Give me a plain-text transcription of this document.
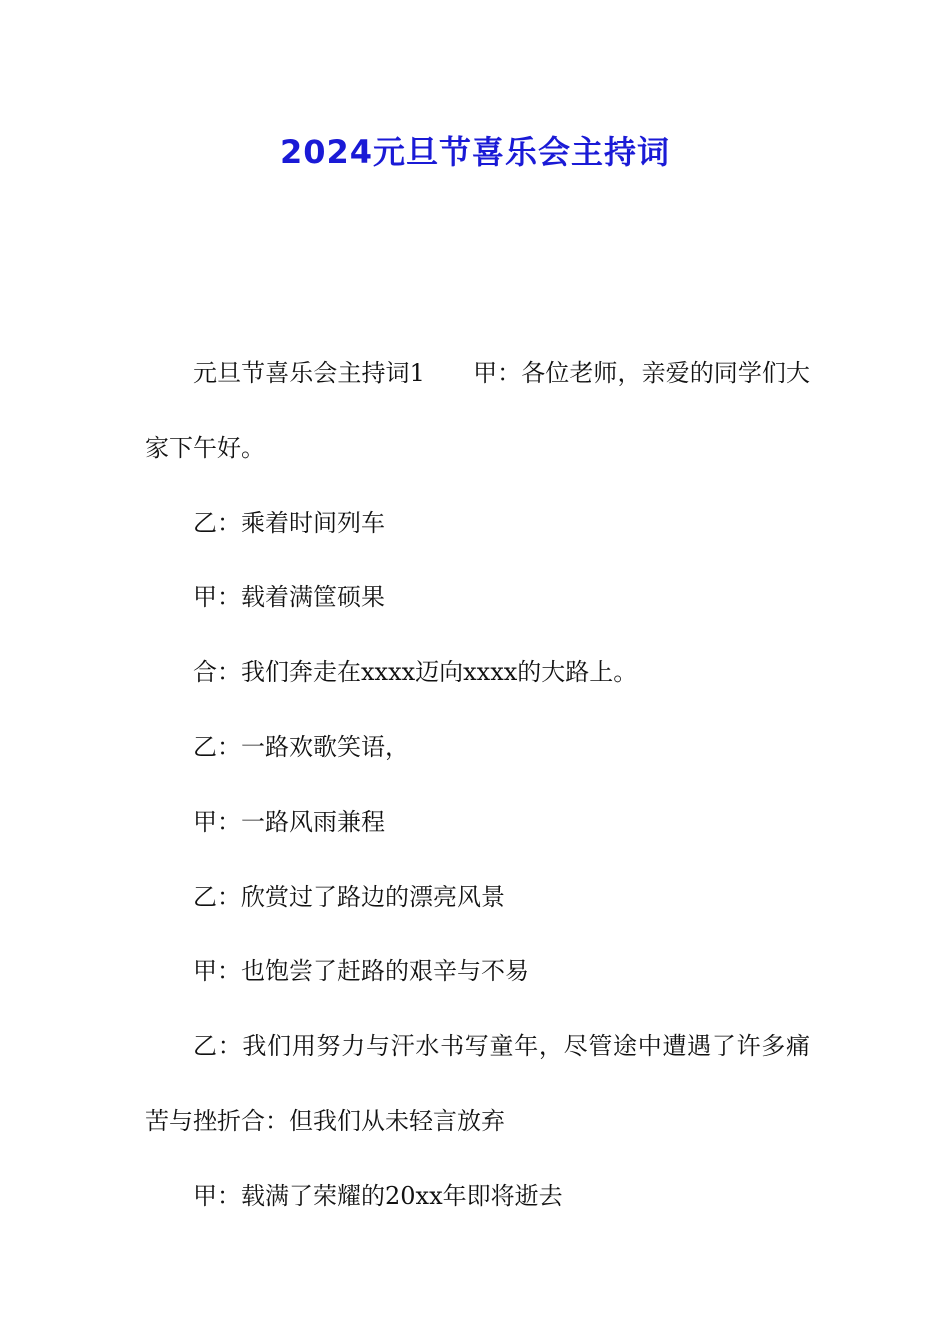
2024元旦节喜乐会主持词

元旦节喜乐会主持词1　　甲：各位老师，亲爱的同学们大家下午好。

乙：乘着时间列车

甲：载着满筐硕果

合：我们奔走在xxxx迈向xxxx的大路上。

乙：一路欢歌笑语，

甲：一路风雨兼程

乙：欣赏过了路边的漂亮风景

甲：也饱尝了赶路的艰辛与不易

乙：我们用努力与汗水书写童年，尽管途中遭遇了许多痛苦与挫折合：但我们从未轻言放弃

甲：载满了荣耀的20xx年即将逝去
